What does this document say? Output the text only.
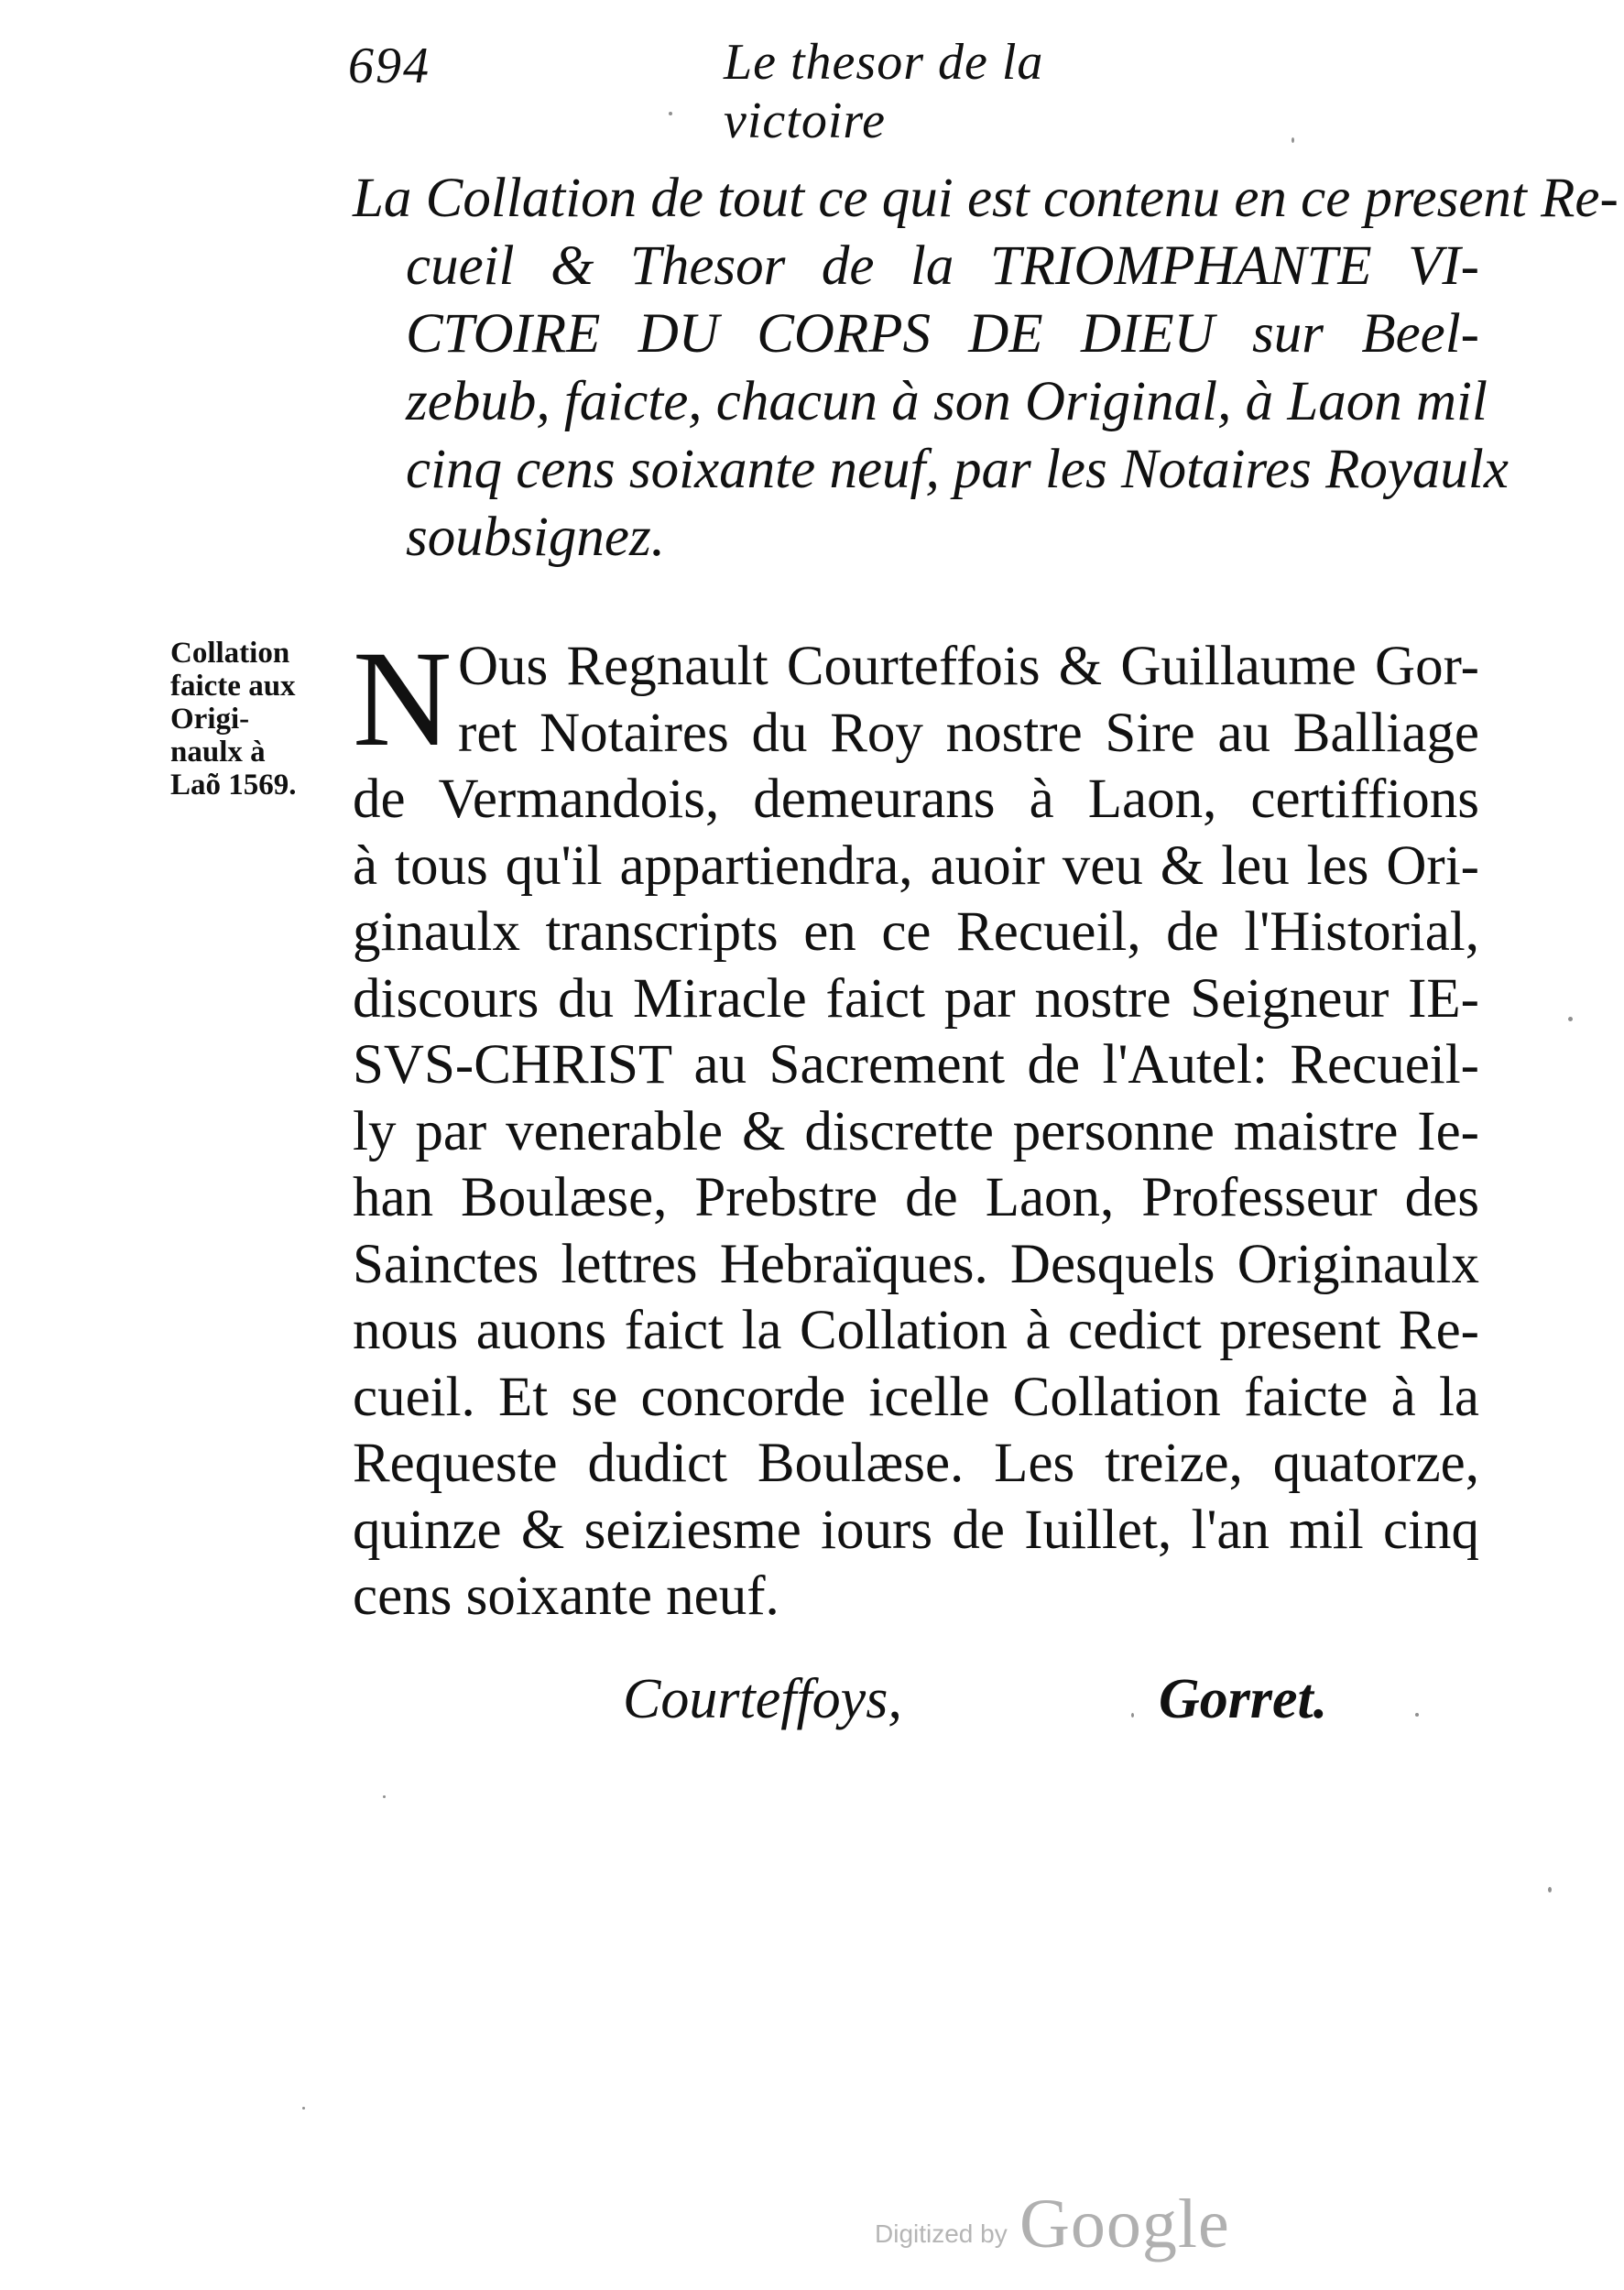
694	Le thesor de la victoire
La Collation de tout ce qui est contenu en ce present Re-
cueil & Thesor de la TRIOMPHANTE VI-
CTOIRE DU CORPS DE DIEU sur Beel-
zebub, faicte, chacun à son Original, à Laon mil
cinq cens soixante neuf, par les Notaires Royaulx
soubsignez.
Collation
faicte aux
Origi-
naulx à
Laõ 1569.
N Ous Regnault Courteffois & Guillaume Gor-
ret Notaires du Roy nostre Sire au Balliage
de Vermandois, demeurans à Laon, certiffions
à tous qu'il appartiendra, auoir veu & leu les Ori-
ginaulx transcripts en ce Recueil, de l'Historial,
discours du Miracle faict par nostre Seigneur IE-
SVS-CHRIST au Sacrement de l'Autel: Recueil-
ly par venerable & discrette personne maistre Ie-
han Boulæse, Prebstre de Laon, Professeur des
Sainctes lettres Hebraïques. Desquels Originaulx
nous auons faict la Collation à cedict present Re-
cueil. Et se concorde icelle Collation faicte à la
Requeste dudict Boulæse. Les treize, quatorze,
quinze & seiziesme iours de Iuillet, l'an mil cinq
cens soixante neuf.
Courteffoys,	Gorret.
Digitized by Google
